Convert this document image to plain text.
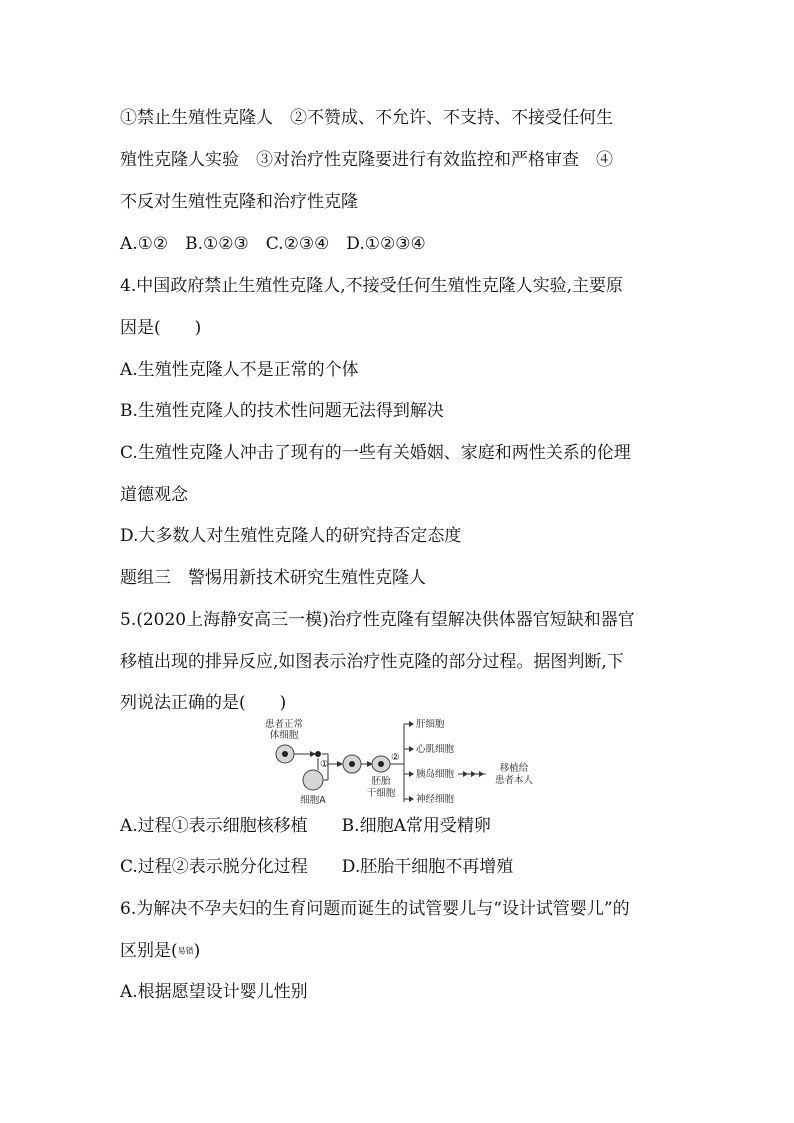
①禁止生殖性克隆人　②不赞成、不允许、不支持、不接受任何生
殖性克隆人实验　③对治疗性克隆要进行有效监控和严格审查　④
不反对生殖性克隆和治疗性克隆
A.①②　B.①②③　C.②③④　D.①②③④
4.中国政府禁止生殖性克隆人,不接受任何生殖性克隆人实验,主要原
因是(　　)
A.生殖性克隆人不是正常的个体
B.生殖性克隆人的技术性问题无法得到解决
C.生殖性克隆人冲击了现有的一些有关婚姻、家庭和两性关系的伦理
道德观念
D.大多数人对生殖性克隆人的研究持否定态度
题组三　警惕用新技术研究生殖性克隆人
5.(2020上海静安高三一模)治疗性克隆有望解决供体器官短缺和器官
移植出现的排异反应,如图表示治疗性克隆的部分过程。据图判断,下
列说法正确的是(　　)
患者正常
体细胞
细胞A
①
胚胎
干细胞
②
肝细胞
心肌细胞
胰岛细胞
神经细胞
移植给
患者本人
A.过程①表示细胞核移植　　B.细胞A常用受精卵
C.过程②表示脱分化过程　　D.胚胎干细胞不再增殖
6.为解决不孕夫妇的生育问题而诞生的试管婴儿与“设计试管婴儿”的
区别是(易错)
A.根据愿望设计婴儿性别
